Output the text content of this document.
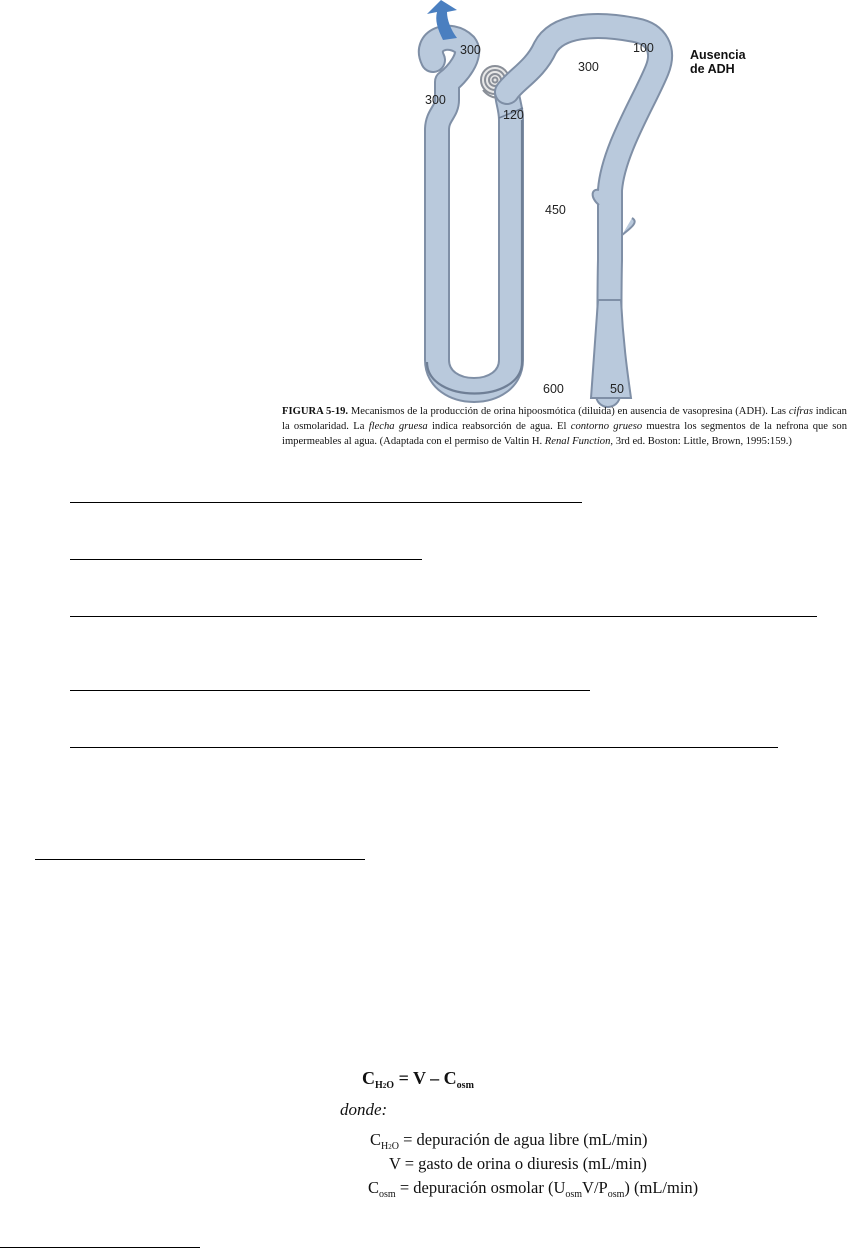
300
300
120
300
100
450
600	50
Ausencia
de ADH
FIGURA 5-19. Mecanismos de la producción de orina hipoosmótica (diluida) en ausencia de vasopresina (ADH). Las cifras indican la osmolaridad. La flecha gruesa indica reabsorción de agua. El contorno grueso muestra los segmentos de la nefrona que son impermeables al agua. (Adaptada con el permiso de Valtin H. Renal Function, 3rd ed. Boston: Little, Brown, 1995:159.)
$C_{H2O} = V - C_{osm}$
donde:
$C_{H2O}$ = depuración de agua libre (mL/min)
V = gasto de orina o diuresis (mL/min)
$C_{osm}$ = depuración osmolar $(U_{osm}V/P_{osm})$ (mL/min)
